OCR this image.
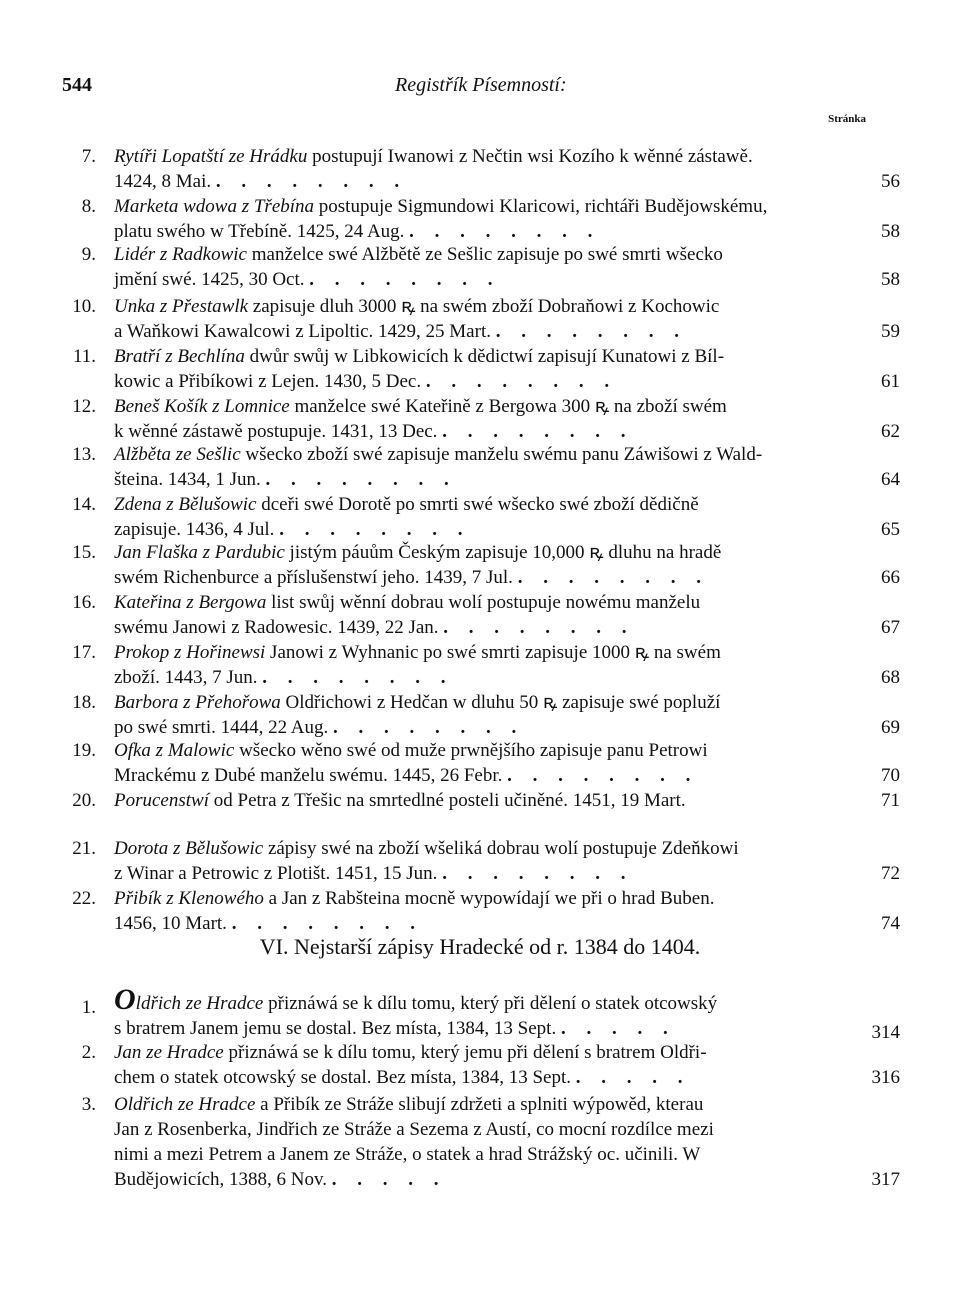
544	Registřík Písemností:
Stránka
7. Rytíři Lopatští ze Hrádku postupují Iwanowi z Nečtin wsi Kozího k wěnné zástawě.
1424, 8 Mai. . . . . . . . .	56
8. Marketa wdowa z Třebína postupuje Sigmundowi Klaricowi, richtáři Budějowskému,
platu swého w Třebíně. 1425, 24 Aug. . . . . . . . .	58
9. Lidér z Radkowic manželce swé Alžbětě ze Sešlic zapisuje po swé smrti wšecko
jmění swé. 1425, 30 Oct. . . . . . . . .	58
10. Unka z Přestawlk zapisuje dluh 3000 ꝶ na swém zboží Dobraňowi z Kochowic
a Waňkowi Kawalcowi z Lipoltic. 1429, 25 Mart. . . . . . . . .	59
11. Bratří z Bechlína dwůr swůj w Libkowicích k dědictwí zapisují Kunatowi z Bíl-
kowic a Přibíkowi z Lejen. 1430, 5 Dec. . . . . . . . .	61
12. Beneš Košík z Lomnice manželce swé Kateřině z Bergowa 300 ꝶ na zboží swém
k wěnné zástawě postupuje. 1431, 13 Dec. . . . . . . . .	62
13. Alžběta ze Sešlic wšecko zboží swé zapisuje manželu swému panu Záwišowi z Wald-
šteina. 1434, 1 Jun. . . . . . . . .	64
14. Zdena z Bělušowic dceři swé Dorotě po smrti swé wšecko swé zboží dědičně
zapisuje. 1436, 4 Jul. . . . . . . . .	65
15. Jan Flaška z Pardubic jistým páuům Českým zapisuje 10,000 ꝶ dluhu na hradě
swém Richenburce a příslušenstwí jeho. 1439, 7 Jul. . . . . . . . .	66
16. Kateřina z Bergowa list swůj wěnní dobrau wolí postupuje nowému manželu
swému Janowi z Radowesic. 1439, 22 Jan. . . . . . . . .	67
17. Prokop z Hořinewsi Janowi z Wyhnanic po swé smrti zapisuje 1000 ꝶ na swém
zboží. 1443, 7 Jun. . . . . . . . .	68
18. Barbora z Přehořowa Oldřichowi z Hedčan w dluhu 50 ꝶ zapisuje swé popluží
po swé smrti. 1444, 22 Aug. . . . . . . . .	69
19. Ofka z Malowic wšecko wěno swé od muže prwnějšího zapisuje panu Petrowi
Mrackému z Dubé manželu swému. 1445, 26 Febr. . . . . . . . .	70
20. Porucenstwí od Petra z Třešic na smrtedlné posteli učiněné. 1451, 19 Mart.	71
21. Dorota z Bělušowic zápisy swé na zboží wšeliká dobrau wolí postupuje Zdeňkowi
z Winar a Petrowic z Plotišt. 1451, 15 Jun. . . . . . . . .	72
22. Přibík z Klenowého a Jan z Rabšteina mocně wypowídají we při o hrad Buben.
1456, 10 Mart. . . . . . . . .	74
VI. Nejstarší zápisy Hradecké od r. 1384 do 1404.
1. Oldřich ze Hradce přiznáwá se k dílu tomu, který při dělení o statek otcowský
s bratrem Janem jemu se dostal. Bez místa, 1384, 13 Sept. . . . . .	314
2. Jan ze Hradce přiznáwá se k dílu tomu, který jemu při dělení s bratrem Oldři-
chem o statek otcowský se dostal. Bez místa, 1384, 13 Sept. . . . . .	316
3. Oldřich ze Hradce a Přibík ze Stráže slibují zdržeti a splniti wýpowěd, kterau
Jan z Rosenberka, Jindřich ze Stráže a Sezema z Austí, co mocní rozdílce mezi
nimi a mezi Petrem a Janem ze Stráže, o statek a hrad Strážský oc. učinili. W
Budějowicích, 1388, 6 Nov. . . . . .	317
